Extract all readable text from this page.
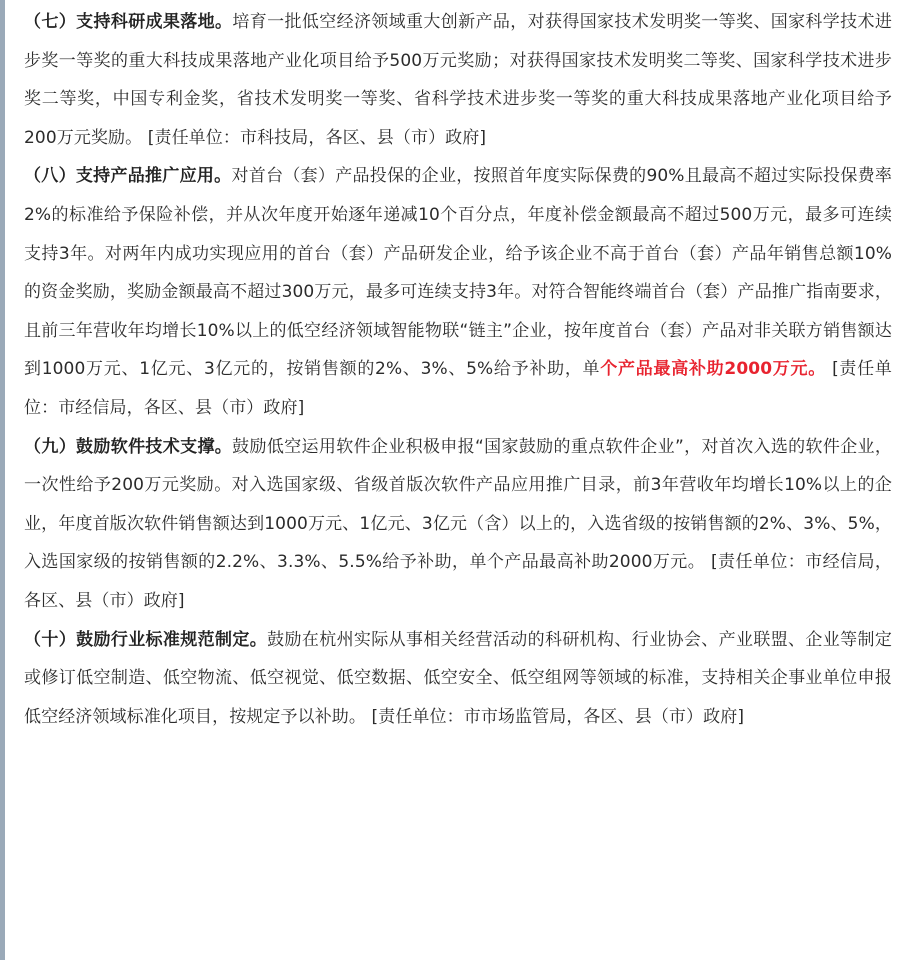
（七）支持科研成果落地。培育一批低空经济领域重大创新产品，对获得国家技术发明奖一等奖、国家科学技术进步奖一等奖的重大科技成果落地产业化项目给予500万元奖励；对获得国家技术发明奖二等奖、国家科学技术进步奖二等奖，中国专利金奖，省技术发明奖一等奖、省科学技术进步奖一等奖的重大科技成果落地产业化项目给予200万元奖励。 [责任单位：市科技局，各区、县（市）政府]

（八）支持产品推广应用。对首台（套）产品投保的企业，按照首年度实际保费的90%且最高不超过实际投保费率2%的标准给予保险补偿，并从次年度开始逐年递减10个百分点，年度补偿金额最高不超过500万元，最多可连续支持3年。对两年内成功实现应用的首台（套）产品研发企业，给予该企业不高于首台（套）产品年销售总额10%的资金奖励，奖励金额最高不超过300万元，最多可连续支持3年。对符合智能终端首台（套）产品推广指南要求，且前三年营收年均增长10%以上的低空经济领域智能物联“链主”企业，按年度首台（套）产品对非关联方销售额达到1000万元、1亿元、3亿元的，按销售额的2%、3%、5%给予补助，单个产品最高补助2000万元。 [责任单位：市经信局，各区、县（市）政府]

（九）鼓励软件技术支撑。鼓励低空运用软件企业积极申报“国家鼓励的重点软件企业”，对首次入选的软件企业，一次性给予200万元奖励。对入选国家级、省级首版次软件产品应用推广目录，前3年营收年均增长10%以上的企业，年度首版次软件销售额达到1000万元、1亿元、3亿元（含）以上的，入选省级的按销售额的2%、3%、5%，入选国家级的按销售额的2.2%、3.3%、5.5%给予补助，单个产品最高补助2000万元。 [责任单位：市经信局，各区、县（市）政府]

（十）鼓励行业标准规范制定。鼓励在杭州实际从事相关经营活动的科研机构、行业协会、产业联盟、企业等制定或修订低空制造、低空物流、低空视觉、低空数据、低空安全、低空组网等领域的标准，支持相关企事业单位申报低空经济领域标准化项目，按规定予以补助。 [责任单位：市市场监管局，各区、县（市）政府]
